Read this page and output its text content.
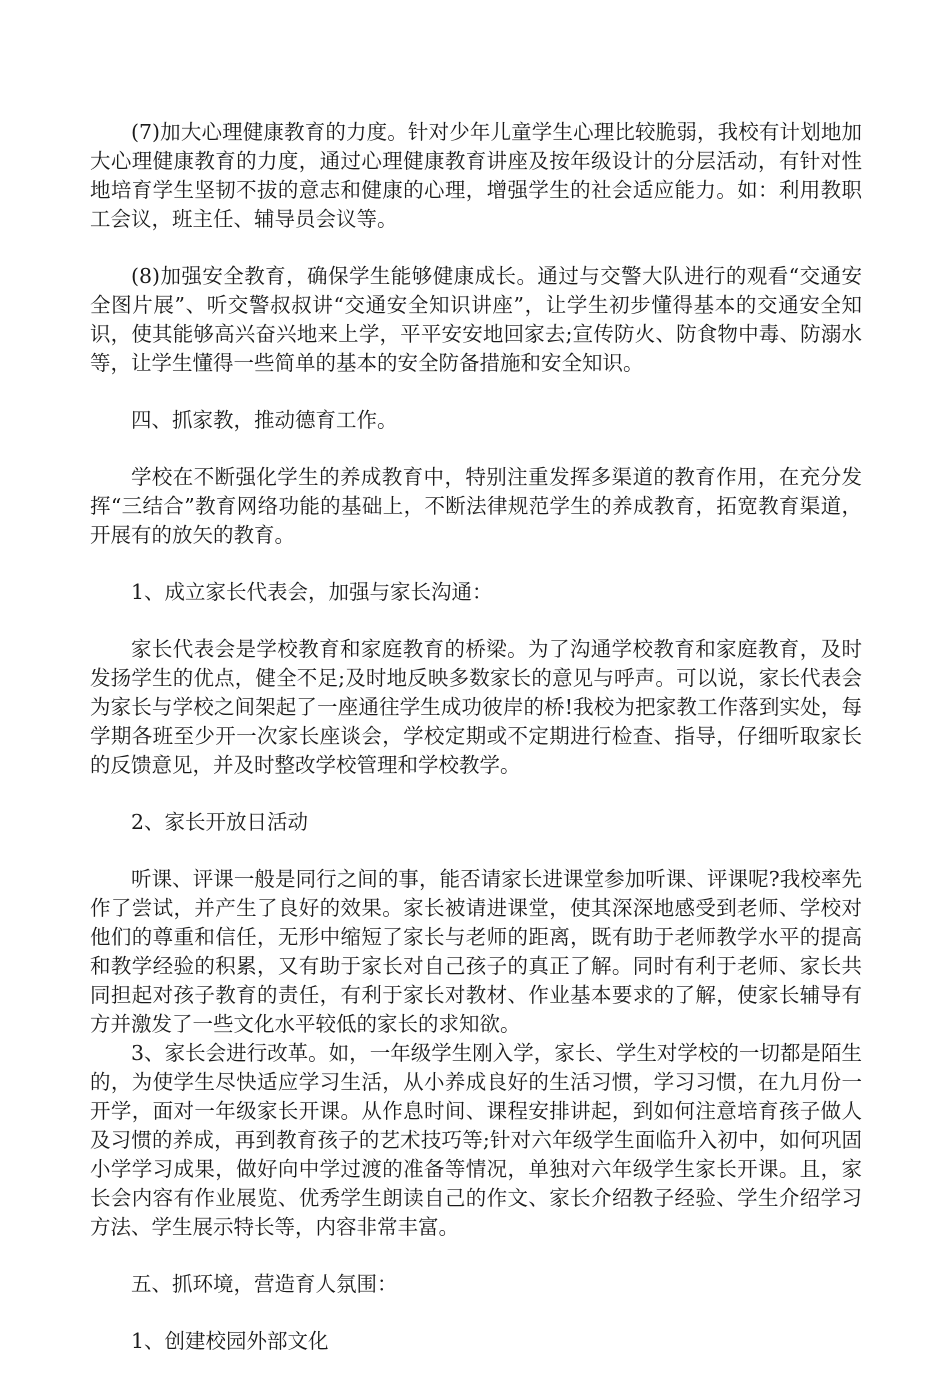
(7)加大心理健康教育的力度。针对少年儿童学生心理比较脆弱，我校有计划地加大心理健康教育的力度，通过心理健康教育讲座及按年级设计的分层活动，有针对性地培育学生坚韧不拔的意志和健康的心理，增强学生的社会适应能力。如：利用教职工会议，班主任、辅导员会议等。

(8)加强安全教育，确保学生能够健康成长。通过与交警大队进行的观看“交通安全图片展”、听交警叔叔讲“交通安全知识讲座”，让学生初步懂得基本的交通安全知识，使其能够高兴奋兴地来上学，平平安安地回家去;宣传防火、防食物中毒、防溺水等，让学生懂得一些简单的基本的安全防备措施和安全知识。

四、抓家教，推动德育工作。

学校在不断强化学生的养成教育中，特别注重发挥多渠道的教育作用，在充分发挥“三结合”教育网络功能的基础上，不断法律规范学生的养成教育，拓宽教育渠道，开展有的放矢的教育。

1、成立家长代表会，加强与家长沟通：

家长代表会是学校教育和家庭教育的桥梁。为了沟通学校教育和家庭教育，及时发扬学生的优点，健全不足;及时地反映多数家长的意见与呼声。可以说，家长代表会为家长与学校之间架起了一座通往学生成功彼岸的桥!我校为把家教工作落到实处，每学期各班至少开一次家长座谈会，学校定期或不定期进行检查、指导，仔细听取家长的反馈意见，并及时整改学校管理和学校教学。

2、家长开放日活动

听课、评课一般是同行之间的事，能否请家长进课堂参加听课、评课呢?我校率先作了尝试，并产生了良好的效果。家长被请进课堂，使其深深地感受到老师、学校对他们的尊重和信任，无形中缩短了家长与老师的距离，既有助于老师教学水平的提高和教学经验的积累，又有助于家长对自己孩子的真正了解。同时有利于老师、家长共同担起对孩子教育的责任，有利于家长对教材、作业基本要求的了解，使家长辅导有方并激发了一些文化水平较低的家长的求知欲。

3、家长会进行改革。如，一年级学生刚入学，家长、学生对学校的一切都是陌生的，为使学生尽快适应学习生活，从小养成良好的生活习惯，学习习惯，在九月份一开学，面对一年级家长开课。从作息时间、课程安排讲起，到如何注意培育孩子做人及习惯的养成，再到教育孩子的艺术技巧等;针对六年级学生面临升入初中，如何巩固小学学习成果，做好向中学过渡的准备等情况，单独对六年级学生家长开课。且，家长会内容有作业展览、优秀学生朗读自己的作文、家长介绍教子经验、学生介绍学习方法、学生展示特长等，内容非常丰富。

五、抓环境，营造育人氛围：

1、创建校园外部文化
